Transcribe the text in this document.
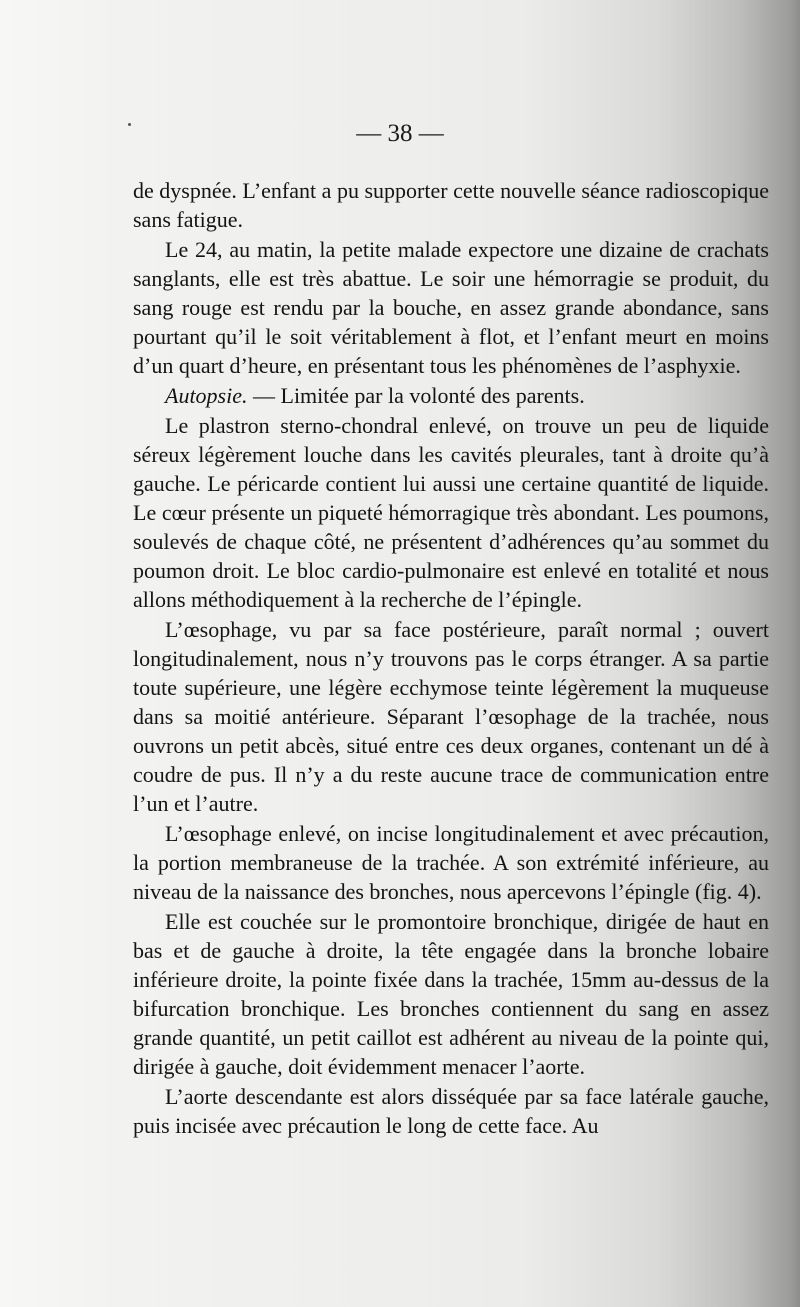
— 38 —

de dyspnée. L’enfant a pu supporter cette nouvelle séance radioscopique sans fatigue.

Le 24, au matin, la petite malade expectore une dizaine de crachats sanglants, elle est très abattue. Le soir une hémorragie se produit, du sang rouge est rendu par la bouche, en assez grande abondance, sans pourtant qu’il le soit véritablement à flot, et l’enfant meurt en moins d’un quart d’heure, en présentant tous les phénomènes de l’asphyxie.

Autopsie. — Limitée par la volonté des parents.

Le plastron sterno-chondral enlevé, on trouve un peu de liquide séreux légèrement louche dans les cavités pleurales, tant à droite qu’à gauche. Le péricarde contient lui aussi une certaine quantité de liquide. Le cœur présente un piqueté hémorragique très abondant. Les poumons, soulevés de chaque côté, ne présentent d’adhérences qu’au sommet du poumon droit. Le bloc cardio-pulmonaire est enlevé en totalité et nous allons méthodiquement à la recherche de l’épingle.

L’œsophage, vu par sa face postérieure, paraît normal ; ouvert longitudinalement, nous n’y trouvons pas le corps étranger. A sa partie toute supérieure, une légère ecchymose teinte légèrement la muqueuse dans sa moitié antérieure. Séparant l’œsophage de la trachée, nous ouvrons un petit abcès, situé entre ces deux organes, contenant un dé à coudre de pus. Il n’y a du reste aucune trace de communication entre l’un et l’autre.

L’œsophage enlevé, on incise longitudinalement et avec précaution, la portion membraneuse de la trachée. A son extrémité inférieure, au niveau de la naissance des bronches, nous apercevons l’épingle (fig. 4).

Elle est couchée sur le promontoire bronchique, dirigée de haut en bas et de gauche à droite, la tête engagée dans la bronche lobaire inférieure droite, la pointe fixée dans la trachée, 15mm au-dessus de la bifurcation bronchique. Les bronches contiennent du sang en assez grande quantité, un petit caillot est adhérent au niveau de la pointe qui, dirigée à gauche, doit évidemment menacer l’aorte.

L’aorte descendante est alors disséquée par sa face latérale gauche, puis incisée avec précaution le long de cette face. Au
